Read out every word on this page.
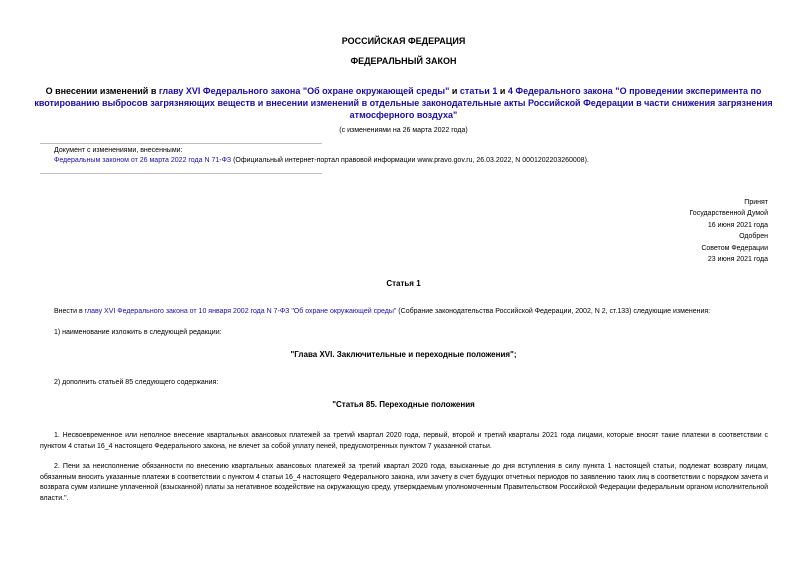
РОССИЙСКАЯ ФЕДЕРАЦИЯ
ФЕДЕРАЛЬНЫЙ ЗАКОН
О внесении изменений в главу XVI Федерального закона "Об охране окружающей среды" и статьи 1 и 4 Федерального закона "О проведении эксперимента по квотированию выбросов загрязняющих веществ и внесении изменений в отдельные законодательные акты Российской Федерации в части снижения загрязнения атмосферного воздуха"
(с изменениями на 26 марта 2022 года)
Документ с изменениями, внесенными:
Федеральным законом от 26 марта 2022 года N 71-ФЗ (Официальный интернет-портал правовой информации www.pravo.gov.ru, 26.03.2022, N 0001202203260008).
Принят
Государственной Думой
16 июня 2021 года
Одобрен
Советом Федерации
23 июня 2021 года
Статья 1
Внести в главу XVI Федерального закона от 10 января 2002 года N 7-ФЗ "Об охране окружающей среды" (Собрание законодательства Российской Федерации, 2002, N 2, ст.133) следующие изменения:
1) наименование изложить в следующей редакции:
"Глава XVI. Заключительные и переходные положения";
2) дополнить статьей 85 следующего содержания:
"Статья 85. Переходные положения
1. Несвоевременное или неполное внесение квартальных авансовых платежей за третий квартал 2020 года, первый, второй и третий кварталы 2021 года лицами, которые вносят такие платежи в соответствии с пунктом 4 статьи 16_4 настоящего Федерального закона, не влечет за собой уплату пеней, предусмотренных пунктом 7 указанной статьи.
2. Пени за неисполнение обязанности по внесению квартальных авансовых платежей за третий квартал 2020 года, взысканные до дня вступления в силу пункта 1 настоящей статьи, подлежат возврату лицам, обязанным вносить указанные платежи в соответствии с пунктом 4 статьи 16_4 настоящего Федерального закона, или зачету в счет будущих отчетных периодов по заявлению таких лиц в соответствии с порядком зачета и возврата сумм излишне уплаченной (взысканной) платы за негативное воздействие на окружающую среду, утверждаемым уполномоченным Правительством Российской Федерации федеральным органом исполнительной власти.".
